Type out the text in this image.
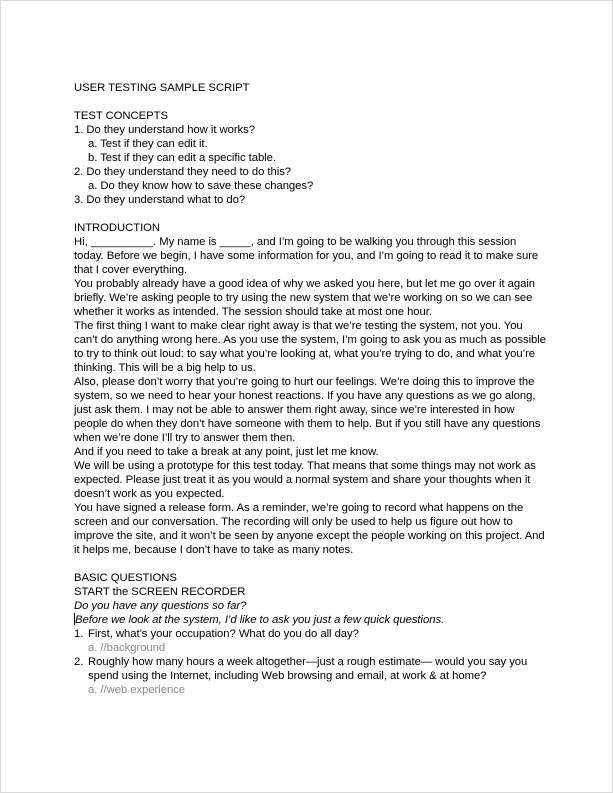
USER TESTING SAMPLE SCRIPT
TEST CONCEPTS
1. Do they understand how it works?
a. Test if they can edit it.
b. Test if they can edit a specific table.
2. Do they understand they need to do this?
a. Do they know how to save these changes?
3. Do they understand what to do?
INTRODUCTION
Hi, __________. My name is _____, and I’m going to be walking you through this session today. Before we begin, I have some information for you, and I’m going to read it to make sure that I cover everything.
You probably already have a good idea of why we asked you here, but let me go over it again briefly. We’re asking people to try using the new system that we’re working on so we can see whether it works as intended. The session should take at most one hour.
The first thing I want to make clear right away is that we’re testing the system, not you. You can’t do anything wrong here. As you use the system, I’m going to ask you as much as possible to try to think out loud: to say what you’re looking at, what you’re trying to do, and what you’re thinking. This will be a big help to us.
Also, please don’t worry that you’re going to hurt our feelings. We’re doing this to improve the system, so we need to hear your honest reactions. If you have any questions as we go along, just ask them. I may not be able to answer them right away, since we’re interested in how people do when they don’t have someone with them to help. But if you still have any questions when we’re done I’ll try to answer them then.
And if you need to take a break at any point, just let me know.
We will be using a prototype for this test today. That means that some things may not work as expected. Please just treat it as you would a normal system and share your thoughts when it doesn’t work as you expected.
You have signed a release form. As a reminder, we’re going to record what happens on the screen and our conversation. The recording will only be used to help us figure out how to improve the site, and it won’t be seen by anyone except the people working on this project. And it helps me, because I don’t have to take as many notes.
BASIC QUESTIONS
START the SCREEN RECORDER
Do you have any questions so far?
Before we look at the system, I’d like to ask you just a few quick questions.
1. First, what’s your occupation? What do you do all day?
a. //background
2. Roughly how many hours a week altogether—just a rough estimate— would you say you spend using the Internet, including Web browsing and email, at work & at home?
a. //web experience
